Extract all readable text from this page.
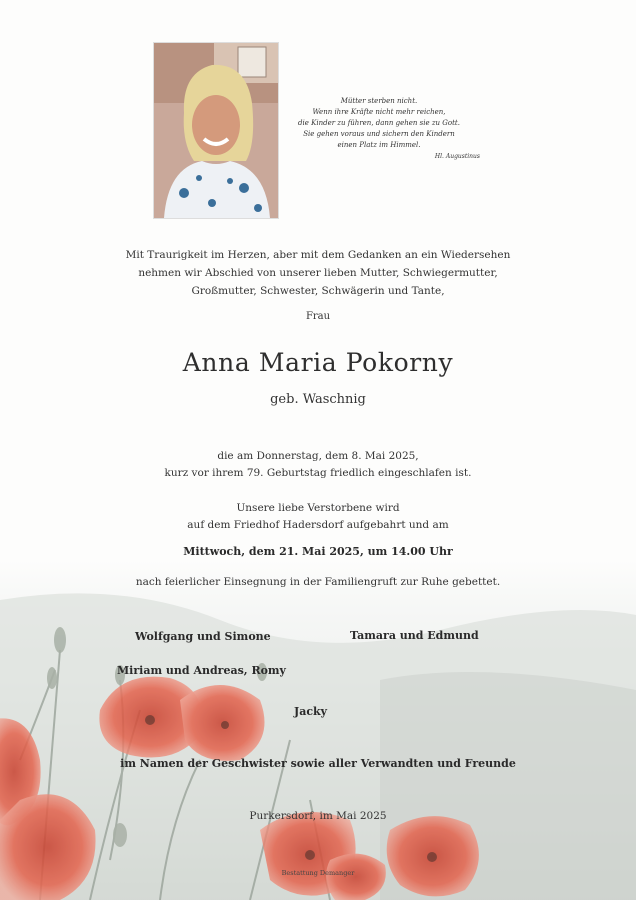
Mütter sterben nicht.
Wenn ihre Kräfte nicht mehr reichen,
die Kinder zu führen, dann gehen sie zu Gott.
Sie gehen voraus und sichern den Kindern
einen Platz im Himmel.
Hl. Augustinus
Mit Traurigkeit im Herzen, aber mit dem Gedanken an ein Wiedersehen
nehmen wir Abschied von unserer lieben Mutter, Schwiegermutter,
Großmutter, Schwester, Schwägerin und Tante,
Frau
Anna Maria Pokorny
geb. Waschnig
die am Donnerstag, dem 8. Mai 2025,
kurz vor ihrem 79. Geburtstag friedlich eingeschlafen ist.
Unsere liebe Verstorbene wird
auf dem Friedhof Hadersdorf aufgebahrt und am
Mittwoch, dem 21. Mai 2025, um 14.00 Uhr
nach feierlicher Einsegnung in der Familiengruft zur Ruhe gebettet.
Wolfgang und Simone	Tamara und Edmund
Miriam und Andreas, Romy
Jacky
im Namen der Geschwister sowie aller Verwandten und Freunde
Purkersdorf, im Mai 2025
Bestattung Demanger
